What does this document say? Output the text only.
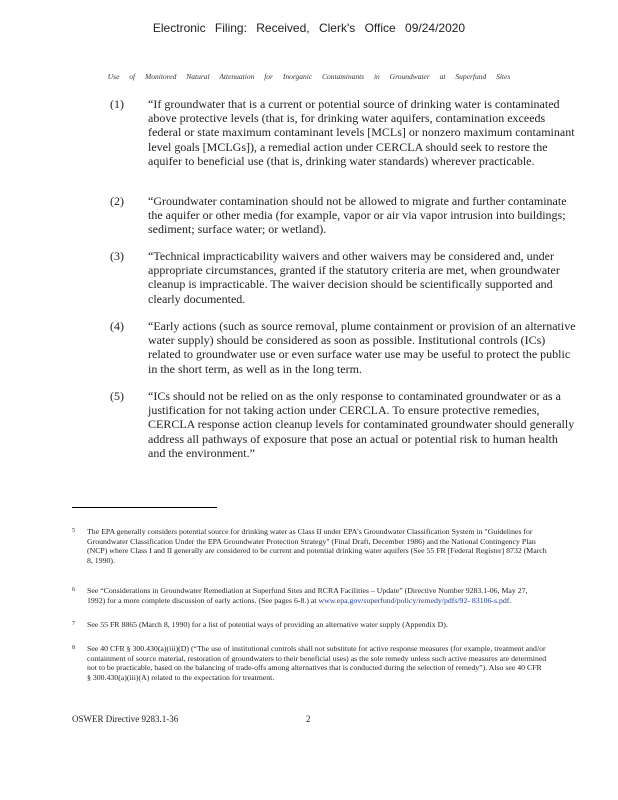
Electronic Filing: Received, Clerk's Office 09/24/2020
Use of Monitored Natural Attenuation for Inorganic Contaminants in Groundwater at Superfund Sites
(1) “If groundwater that is a current or potential source of drinking water is contaminated above protective levels (that is, for drinking water aquifers, contamination exceeds federal or state maximum contaminant levels [MCLs] or nonzero maximum contaminant level goals [MCLGs]), a remedial action under CERCLA should seek to restore the aquifer to beneficial use (that is, drinking water standards) wherever practicable.
(2) “Groundwater contamination should not be allowed to migrate and further contaminate the aquifer or other media (for example, vapor or air via vapor intrusion into buildings; sediment; surface water; or wetland).
(3) “Technical impracticability waivers and other waivers may be considered and, under appropriate circumstances, granted if the statutory criteria are met, when groundwater cleanup is impracticable. The waiver decision should be scientifically supported and clearly documented.
(4) “Early actions (such as source removal, plume containment or provision of an alternative water supply) should be considered as soon as possible. Institutional controls (ICs) related to groundwater use or even surface water use may be useful to protect the public in the short term, as well as in the long term.
(5) “ICs should not be relied on as the only response to contaminated groundwater or as a justification for not taking action under CERCLA. To ensure protective remedies, CERCLA response action cleanup levels for contaminated groundwater should generally address all pathways of exposure that pose an actual or potential risk to human health and the environment.”
5 The EPA generally considers potential source for drinking water as Class II under EPA's Groundwater Classification System in "Guidelines for Groundwater Classification Under the EPA Groundwater Protection Strategy" (Final Draft, December 1986) and the National Contingency Plan (NCP) where Class I and II generally are considered to be current and potential drinking water aquifers (See 55 FR [Federal Register] 8732 (March 8, 1990).
6 See “Considerations in Groundwater Remediation at Superfund Sites and RCRA Facilities – Update” (Directive Number 9283.1-06, May 27, 1992) for a more complete discussion of early actions. (See pages 6-8.) at www.epa.gov/superfund/policy/remedy/pdfs/92- 83106-s.pdf.
7 See 55 FR 8865 (March 8, 1990) for a list of potential ways of providing an alternative water supply (Appendix D).
8 See 40 CFR § 300.430(a)(iii)(D) (“The use of institutional controls shall not substitute for active response measures (for example, treatment and/or containment of source material, restoration of groundwaters to their beneficial uses) as the sole remedy unless such active measures are determined not to be practicable, based on the balancing of trade-offs among alternatives that is conducted during the selection of remedy”). Also see 40 CFR § 300.430(a)(iii)(A) related to the expectation for treatment.
OSWER Directive 9283.1-36	2
